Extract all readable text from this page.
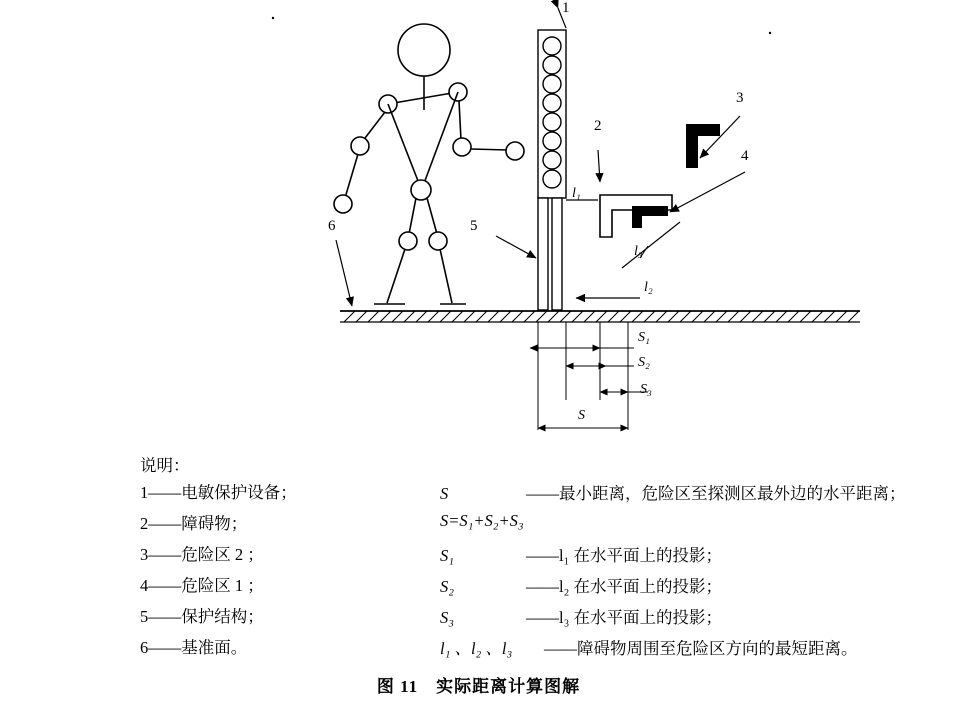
1
2
3
4
5
6
l₁
l₂
l₃
S₁
S₂
S₃
S
说明：
1——电敏保护设备；
2——障碍物；
3——危险区 2 ；
4——危险区 1 ；
5——保护结构；
6——基准面。
S	——最小距离，危险区至探测区最外边的水平距离；
S=S₁+S₂+S₃
S₁	——l₁ 在水平面上的投影；
S₂	——l₂ 在水平面上的投影；
S₃	——l₃ 在水平面上的投影；
l₁ 、l₂ 、l₃	——障碍物周围至危险区方向的最短距离。
图 11　实际距离计算图解
